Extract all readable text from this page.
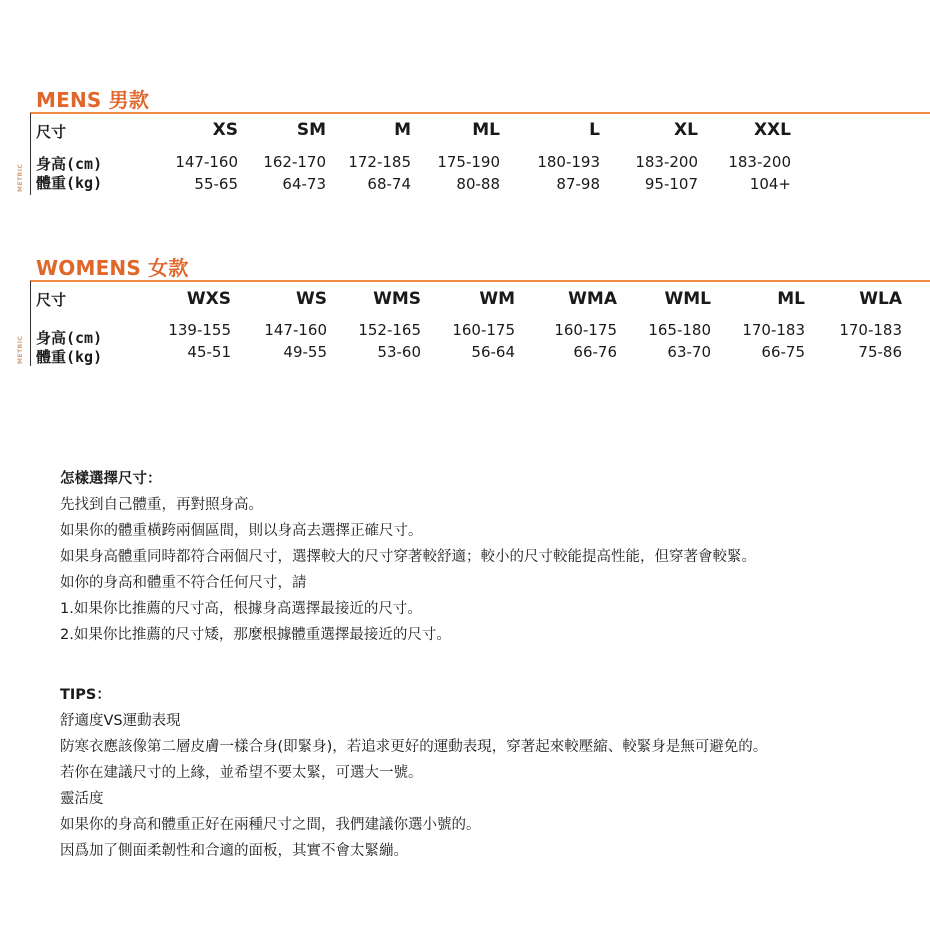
MENS 男款
尺寸
METRIC 身高(cm)
體重(kg)
XS
147-160
55-65
SM
162-170
64-73
M
172-185
68-74
ML
175-190
80-88
L
180-193
87-98
XL
183-200
95-107
XXL
183-200
104+
WOMENS 女款
尺寸
METRIC 身高(cm)
體重(kg)
WXS
139-155
45-51
WS
147-160
49-55
WMS
152-165
53-60
WM
160-175
56-64
WMA
160-175
66-76
WML
165-180
63-70
ML
170-183
66-75
WLA
170-183
75-86
怎樣選擇尺寸：
先找到自己體重，再對照身高。
如果你的體重橫跨兩個區間，則以身高去選擇正確尺寸。
如果身高體重同時都符合兩個尺寸，選擇較大的尺寸穿著較舒適；較小的尺寸較能提高性能，但穿著會較緊。
如你的身高和體重不符合任何尺寸，請
1.如果你比推薦的尺寸高，根據身高選擇最接近的尺寸。
2.如果你比推薦的尺寸矮，那麼根據體重選擇最接近的尺寸。
TIPS：
舒適度VS運動表現
防寒衣應該像第二層皮膚一樣合身(即緊身)，若追求更好的運動表現，穿著起來較壓縮、較緊身是無可避免的。
若你在建議尺寸的上緣，並希望不要太緊，可選大一號。
靈活度
如果你的身高和體重正好在兩種尺寸之間，我們建議你選小號的。
因爲加了側面柔韌性和合適的面板，其實不會太緊繃。
